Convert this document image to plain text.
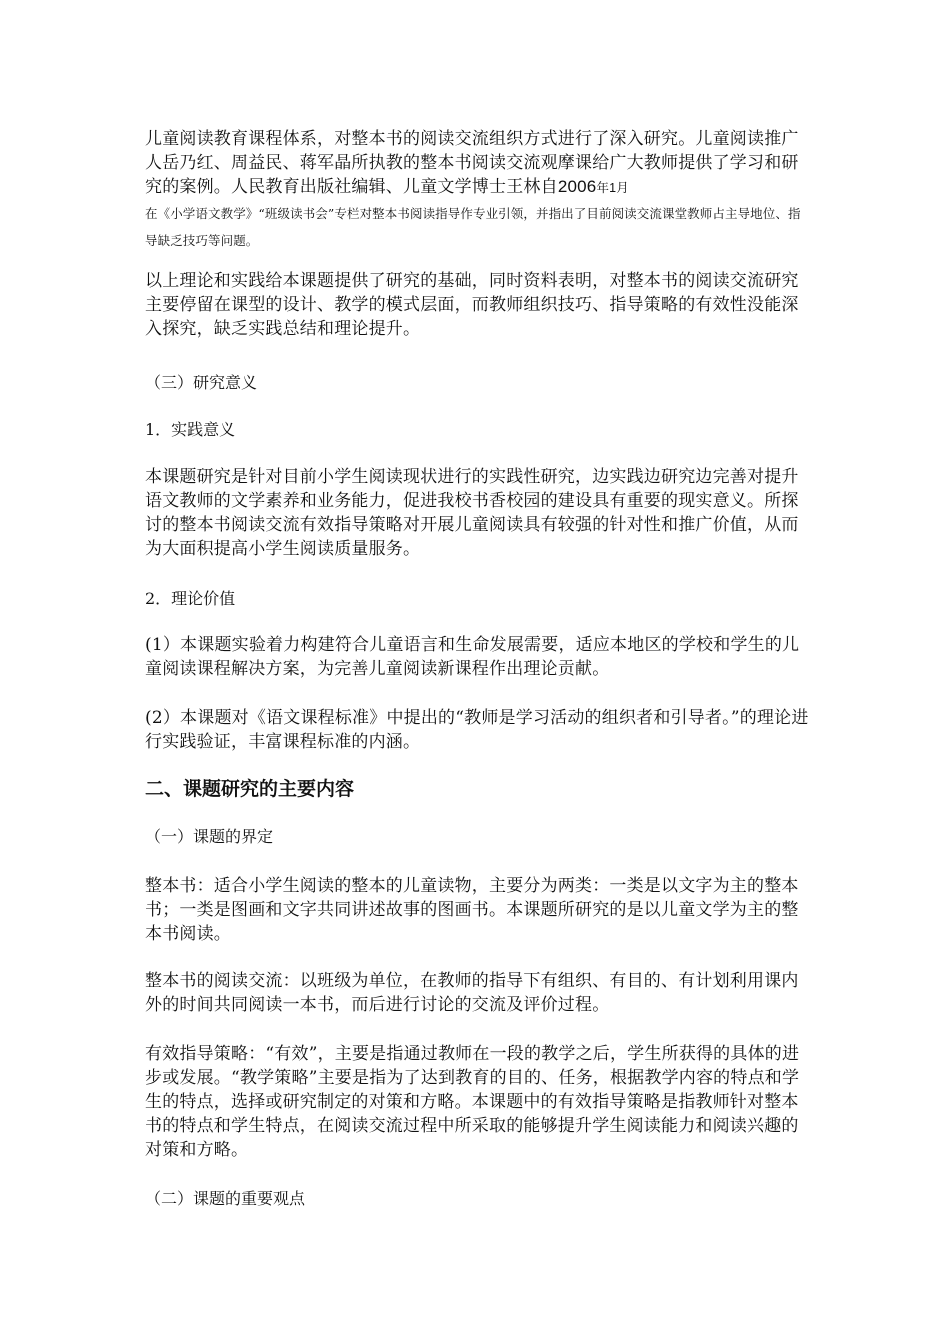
儿童阅读教育课程体系，对整本书的阅读交流组织方式进行了深入研究。儿童阅读推广人岳乃红、周益民、蒋军晶所执教的整本书阅读交流观摩课给广大教师提供了学习和研究的案例。人民教育出版社编辑、儿童文学博士王林自2006年1月

在《小学语文教学》“班级读书会”专栏对整本书阅读指导作专业引领，并指出了目前阅读交流课堂教师占主导地位、指导缺乏技巧等问题。

以上理论和实践给本课题提供了研究的基础，同时资料表明，对整本书的阅读交流研究主要停留在课型的设计、教学的模式层面，而教师组织技巧、指导策略的有效性没能深入探究，缺乏实践总结和理论提升。

（三）研究意义

1．实践意义

本课题研究是针对目前小学生阅读现状进行的实践性研究，边实践边研究边完善对提升语文教师的文学素养和业务能力，促进我校书香校园的建设具有重要的现实意义。所探讨的整本书阅读交流有效指导策略对开展儿童阅读具有较强的针对性和推广价值，从而为大面积提高小学生阅读质量服务。

2．理论价值

(1）本课题实验着力构建符合儿童语言和生命发展需要，适应本地区的学校和学生的儿童阅读课程解决方案，为完善儿童阅读新课程作出理论贡献。

(2）本课题对《语文课程标准》中提出的“教师是学习活动的组织者和引导者。”的理论进行实践验证，丰富课程标准的内涵。

二、课题研究的主要内容

（一）课题的界定

整本书：适合小学生阅读的整本的儿童读物，主要分为两类：一类是以文字为主的整本书；一类是图画和文字共同讲述故事的图画书。本课题所研究的是以儿童文学为主的整本书阅读。

整本书的阅读交流：以班级为单位，在教师的指导下有组织、有目的、有计划利用课内外的时间共同阅读一本书，而后进行讨论的交流及评价过程。

有效指导策略：“有效”，主要是指通过教师在一段的教学之后，学生所获得的具体的进步或发展。“教学策略”主要是指为了达到教育的目的、任务，根据教学内容的特点和学生的特点，选择或研究制定的对策和方略。本课题中的有效指导策略是指教师针对整本书的特点和学生特点，在阅读交流过程中所采取的能够提升学生阅读能力和阅读兴趣的对策和方略。

（二）课题的重要观点
